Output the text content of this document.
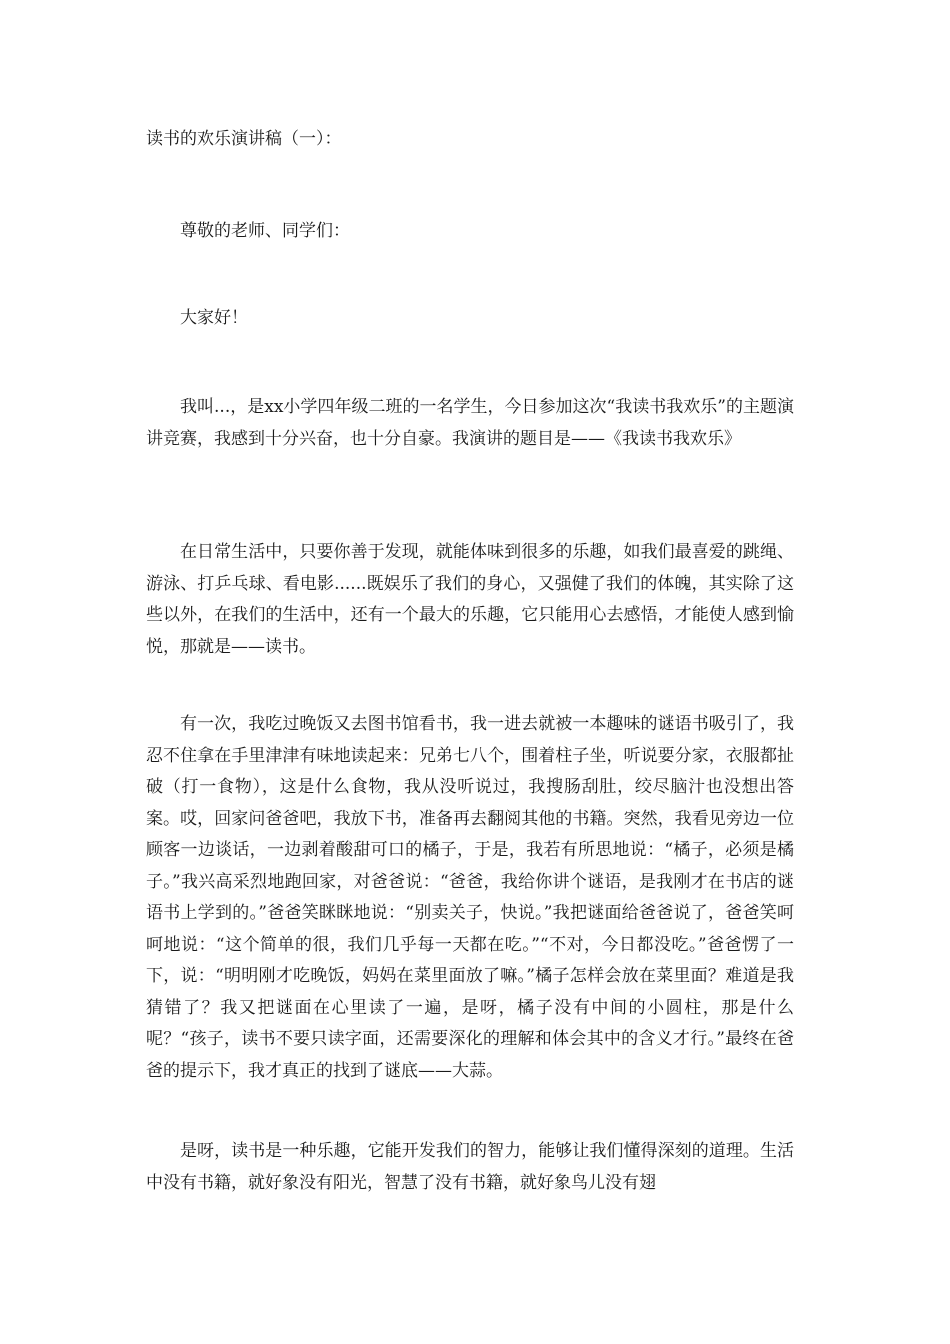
读书的欢乐演讲稿（一）：

尊敬的老师、同学们：

大家好！

我叫...，是xx小学四年级二班的一名学生，今日参加这次“我读书我欢乐”的主题演讲竞赛，我感到十分兴奋，也十分自豪。我演讲的题目是——《我读书我欢乐》

在日常生活中，只要你善于发现，就能体味到很多的乐趣，如我们最喜爱的跳绳、游泳、打乒乓球、看电影......既娱乐了我们的身心，又强健了我们的体魄，其实除了这些以外，在我们的生活中，还有一个最大的乐趣，它只能用心去感悟，才能使人感到愉悦，那就是——读书。

有一次，我吃过晚饭又去图书馆看书，我一进去就被一本趣味的谜语书吸引了，我忍不住拿在手里津津有味地读起来：兄弟七八个，围着柱子坐，听说要分家，衣服都扯破（打一食物），这是什么食物，我从没听说过，我搜肠刮肚，绞尽脑汁也没想出答案。哎，回家问爸爸吧，我放下书，准备再去翻阅其他的书籍。突然，我看见旁边一位顾客一边谈话，一边剥着酸甜可口的橘子，于是，我若有所思地说：“橘子，必须是橘子。”我兴高采烈地跑回家，对爸爸说：“爸爸，我给你讲个谜语，是我刚才在书店的谜语书上学到的。”爸爸笑眯眯地说：“别卖关子，快说。”我把谜面给爸爸说了，爸爸笑呵呵地说：“这个简单的很，我们几乎每一天都在吃。”“不对，今日都没吃。”爸爸愣了一下，说：“明明刚才吃晚饭，妈妈在菜里面放了嘛。”橘子怎样会放在菜里面？难道是我猜错了？我又把谜面在心里读了一遍，是呀，橘子没有中间的小圆柱，那是什么呢？“孩子，读书不要只读字面，还需要深化的理解和体会其中的含义才行。”最终在爸爸的提示下，我才真正的找到了谜底——大蒜。

是呀，读书是一种乐趣，它能开发我们的智力，能够让我们懂得深刻的道理。生活中没有书籍，就好象没有阳光，智慧了没有书籍，就好象鸟儿没有翅
